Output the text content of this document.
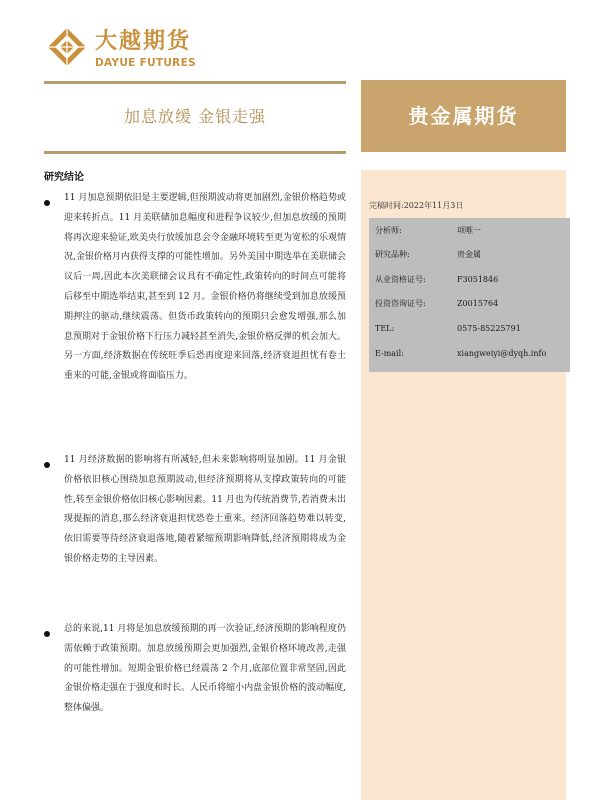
大越期货
DAYUE FUTURES
加息放缓 金银走强	贵金属期货
完稿时间:2022年11月3日
分析师:	项唯一
研究品种:	贵金属
从业资格证号:	F3051846
投资咨询证号:	Z0015764
TEL:	0575-85225791
E-mail:	xiangweiyi@dyqh.info
研究结论

11 月加息预期依旧是主要逻辑,但预期波动将更加剧烈,金银价格趋势或迎来转折点。11 月美联储加息幅度和进程争议较少,但加息放缓的预期将再次迎来验证,欧美央行放缓加息会令金融环境转至更为宽松的乐观情况,金银价格月内获得支撑的可能性增加。另外美国中期选举在美联储会议后一周,因此本次美联储会议具有不确定性,政策转向的时间点可能将后移至中期选举结束,甚至到 12 月。金银价格仍将继续受到加息放缓预期押注的驱动,继续震荡。但货币政策转向的预期只会愈发增强,那么加息预期对于金银价格下行压力减轻甚至消失,金银价格反弹的机会加大。另一方面,经济数据在传统旺季后恐再度迎来回落,经济衰退担忧有卷土重来的可能,金银或将面临压力。

11 月经济数据的影响将有所减轻,但未来影响将明显加剧。11 月金银价格依旧核心围绕加息预期波动,但经济预期将从支撑政策转向的可能性,转至金银价格依旧核心影响因素。11 月也为传统消费节,若消费未出现提振的消息,那么经济衰退担忧恐卷土重来。经济回落趋势难以转变,依旧需要等待经济衰退落地,随着紧缩预期影响降低,经济预期将成为金银价格走势的主导因素。

总的来说,11 月将是加息放缓预期的再一次验证,经济预期的影响程度仍需依赖于政策预期。加息放缓预期会更加强烈,金银价格环境改善,走强的可能性增加。短期金银价格已经震荡 2 个月,底部位置非常坚固,因此金银价格走强在于强度和时长。人民币将缩小内盘金银价格的波动幅度,整体偏强。
